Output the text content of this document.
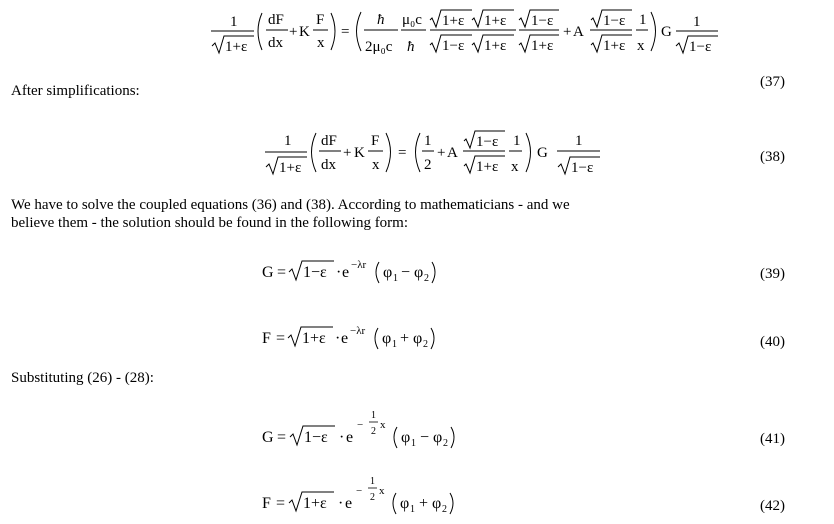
After simplifications:
We have to solve the coupled equations (36) and (38). According to mathematicians - and we
believe them - the solution should be found in the following form:
Substituting (26) - (28):
(37)
(38)
(39)
(40)
(41)
(42)
1
1+ε
dF
dx
+ K
F
x
=
ħ
2μ₀c
μ₀c
ħ
1+ε 1+ε
1−ε 1+ε
1−ε
1+ε
+ A
1−ε
1+ε
1
x
G
1
1−ε
1
1+ε
dF
dx
+ K
F
x
=
1
2
+ A
1−ε
1+ε
1
x
G
1
1−ε
G = 1−ε · e −λr φ 1 − φ 2
F = 1+ε · e −λr φ 1 + φ 2
G = 1−ε · e
−
1
2
x
φ 1 − φ 2
F = 1+ε · e
−
1
2
x
φ 1 + φ 2
